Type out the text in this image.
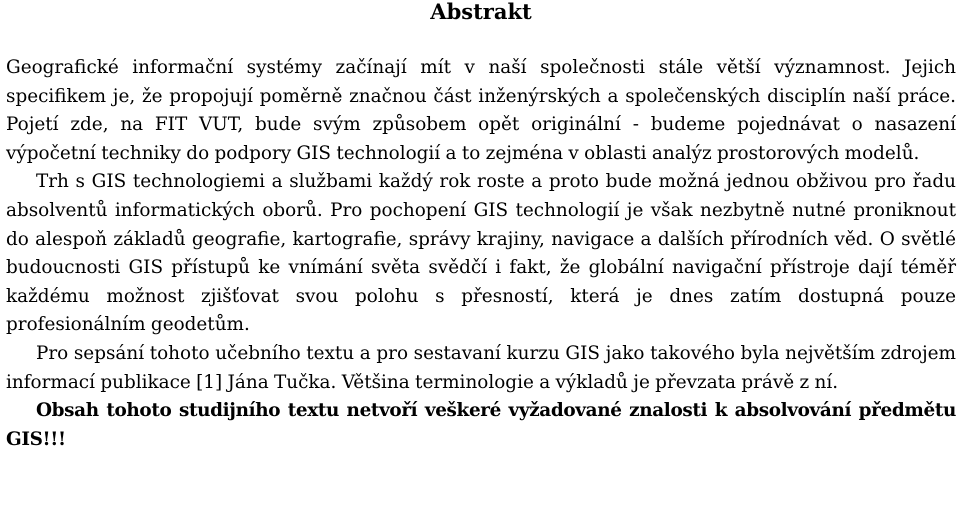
Abstrakt

Geografické informační systémy začínají mít v naší společnosti stále větší významnost. Jejich specifikem je, že propojují poměrně značnou část inženýrských a společenských disciplín naší práce. Pojetí zde, na FIT VUT, bude svým způsobem opět originální - budeme pojednávat o nasazení výpočetní techniky do podpory GIS technologií a to zejména v oblasti analýz prostorových modelů.

Trh s GIS technologiemi a službami každý rok roste a proto bude možná jednou obživou pro řadu absolventů informatických oborů. Pro pochopení GIS technologií je však nezbytně nutné proniknout do alespoň základů geografie, kartografie, správy krajiny, navigace a dalších přírodních věd. O světlé budoucnosti GIS přístupů ke vnímání světa svědčí i fakt, že globální navigační přístroje dají téměř každému možnost zjišťovat svou polohu s přesností, která je dnes zatím dostupná pouze profesionálním geodetům.

Pro sepsání tohoto učebního textu a pro sestavaní kurzu GIS jako takového byla největším zdrojem informací publikace [1] Jána Tučka. Většina terminologie a výkladů je převzata právě z ní.

Obsah tohoto studijního textu netvoří veškeré vyžadované znalosti k absolvování předmětu GIS!!!
